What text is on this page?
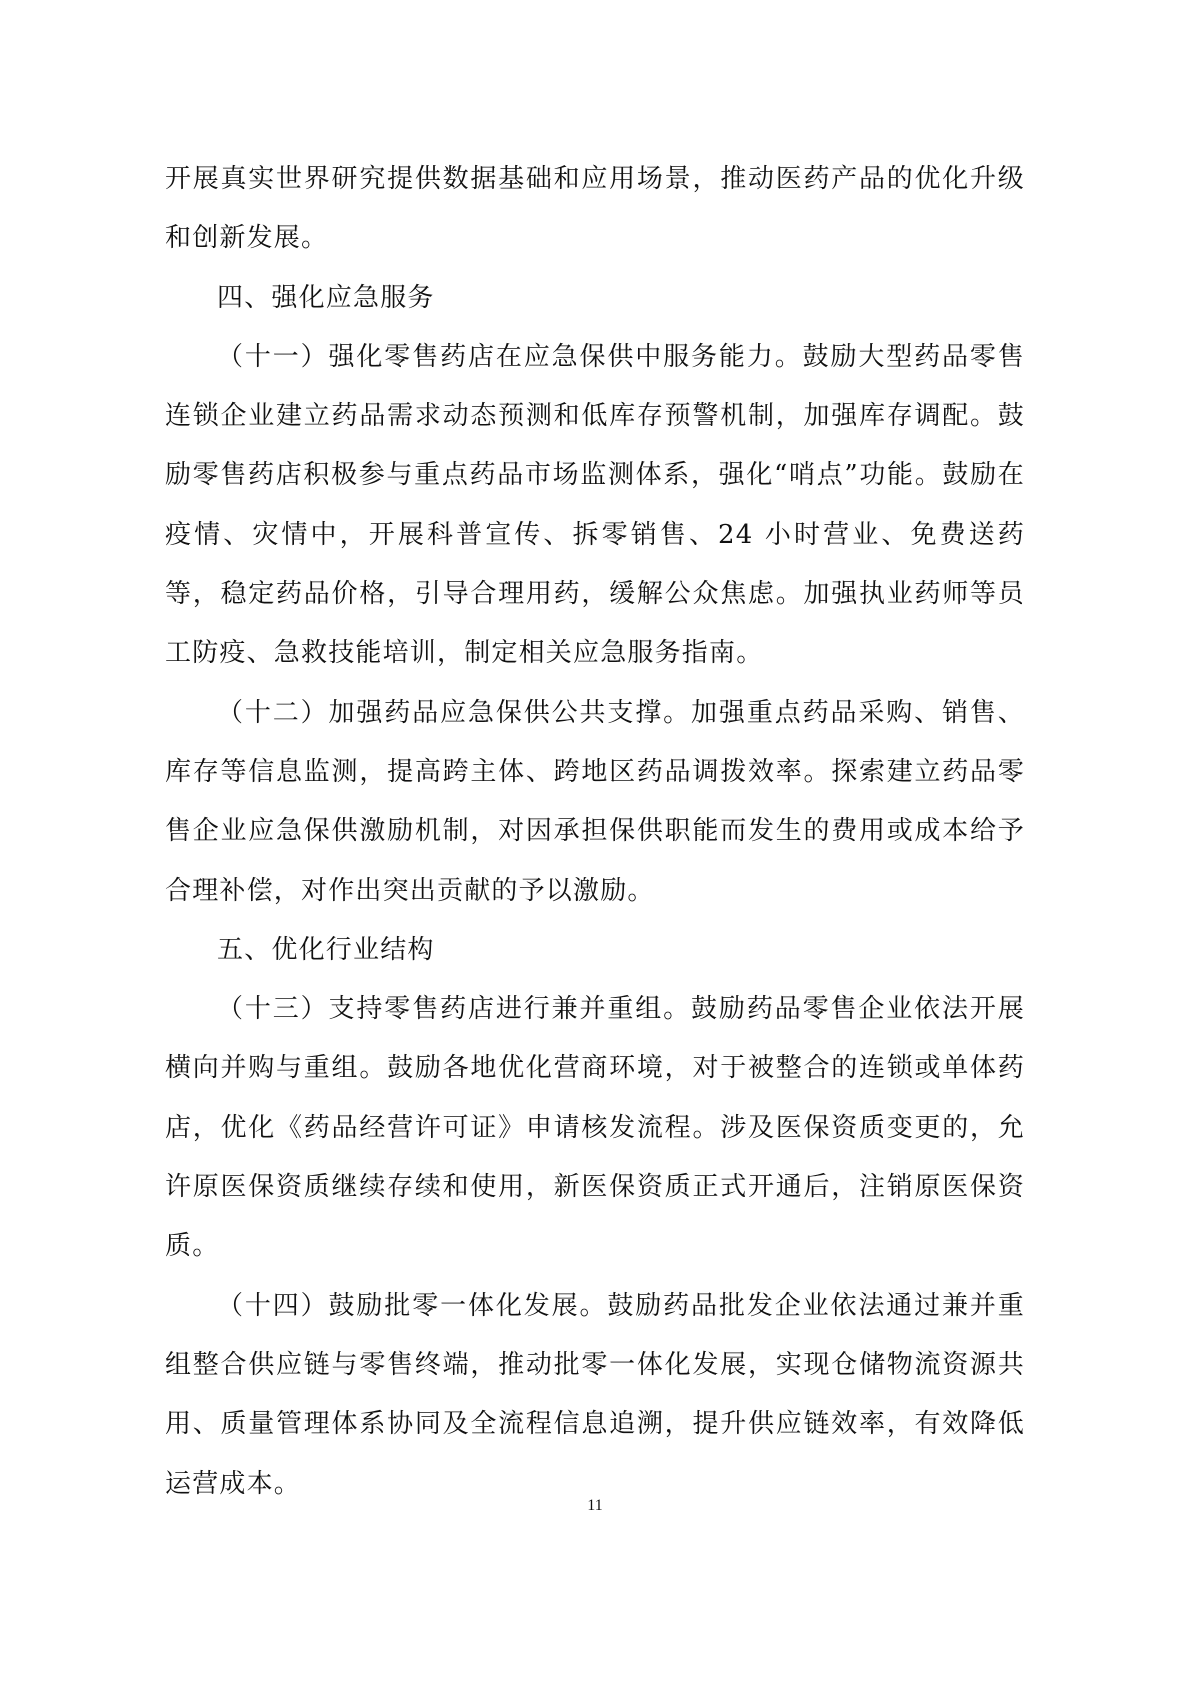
开展真实世界研究提供数据基础和应用场景，推动医药产品的优化升级和创新发展。

四、强化应急服务

（十一）强化零售药店在应急保供中服务能力。鼓励大型药品零售连锁企业建立药品需求动态预测和低库存预警机制，加强库存调配。鼓励零售药店积极参与重点药品市场监测体系，强化“哨点”功能。鼓励在疫情、灾情中，开展科普宣传、拆零销售、24 小时营业、免费送药等，稳定药品价格，引导合理用药，缓解公众焦虑。加强执业药师等员工防疫、急救技能培训，制定相关应急服务指南。

（十二）加强药品应急保供公共支撑。加强重点药品采购、销售、库存等信息监测，提高跨主体、跨地区药品调拨效率。探索建立药品零售企业应急保供激励机制，对因承担保供职能而发生的费用或成本给予合理补偿，对作出突出贡献的予以激励。

五、优化行业结构

（十三）支持零售药店进行兼并重组。鼓励药品零售企业依法开展横向并购与重组。鼓励各地优化营商环境，对于被整合的连锁或单体药店，优化《药品经营许可证》申请核发流程。涉及医保资质变更的，允许原医保资质继续存续和使用，新医保资质正式开通后，注销原医保资质。

（十四）鼓励批零一体化发展。鼓励药品批发企业依法通过兼并重组整合供应链与零售终端，推动批零一体化发展，实现仓储物流资源共用、质量管理体系协同及全流程信息追溯，提升供应链效率，有效降低运营成本。

11
